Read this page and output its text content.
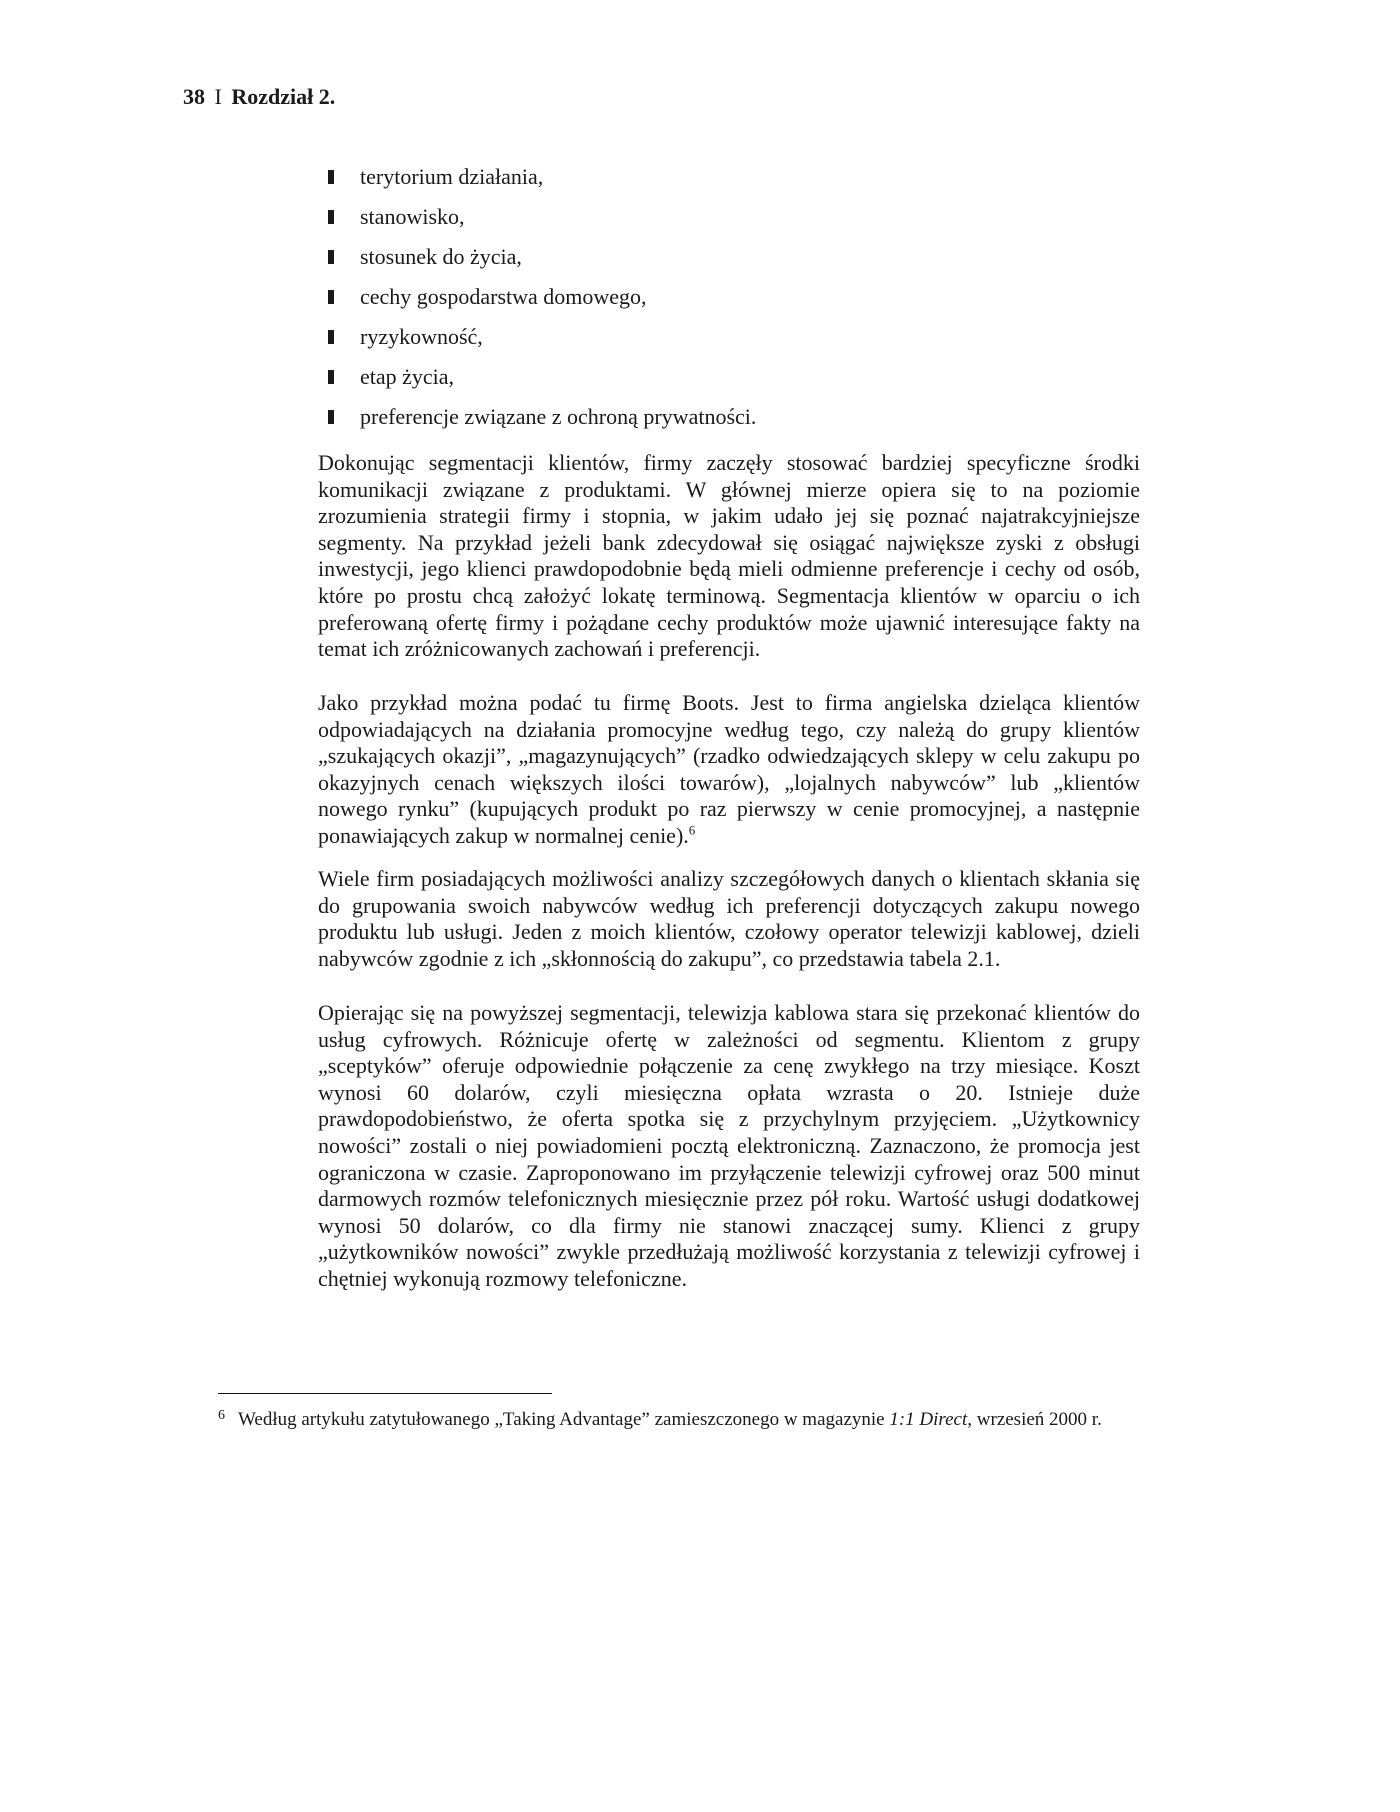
38 I Rozdział 2.
terytorium działania,
stanowisko,
stosunek do życia,
cechy gospodarstwa domowego,
ryzykowność,
etap życia,
preferencje związane z ochroną prywatności.

Dokonując segmentacji klientów, firmy zaczęły stosować bardziej specyficzne środki komunikacji związane z produktami. W głównej mierze opiera się to na poziomie zrozumienia strategii firmy i stopnia, w jakim udało jej się poznać najatrakcyjniejsze segmenty. Na przykład jeżeli bank zdecydował się osiągać największe zyski z obsługi inwestycji, jego klienci prawdopodobnie będą mieli odmienne preferencje i cechy od osób, które po prostu chcą założyć lokatę terminową. Segmentacja klientów w oparciu o ich preferowaną ofertę firmy i pożądane cechy produktów może ujawnić interesujące fakty na temat ich zróżnicowanych zachowań i preferencji.

Jako przykład można podać tu firmę Boots. Jest to firma angielska dzieląca klientów odpowiadających na działania promocyjne według tego, czy należą do grupy klientów „szukających okazji”, „magazynujących” (rzadko odwiedzających sklepy w celu zakupu po okazyjnych cenach większych ilości towarów), „lojalnych nabywców” lub „klientów nowego rynku” (kupujących produkt po raz pierwszy w cenie promocyjnej, a następnie ponawiających zakup w normalnej cenie).$^6$

Wiele firm posiadających możliwości analizy szczegółowych danych o klientach skłania się do grupowania swoich nabywców według ich preferencji dotyczących zakupu nowego produktu lub usługi. Jeden z moich klientów, czołowy operator telewizji kablowej, dzieli nabywców zgodnie z ich „skłonnością do zakupu”, co przedstawia tabela 2.1.

Opierając się na powyższej segmentacji, telewizja kablowa stara się przekonać klientów do usług cyfrowych. Różnicuje ofertę w zależności od segmentu. Klientom z grupy „sceptyków” oferuje odpowiednie połączenie za cenę zwykłego na trzy miesiące. Koszt wynosi 60 dolarów, czyli miesięczna opłata wzrasta o 20. Istnieje duże prawdopodobieństwo, że oferta spotka się z przychylnym przyjęciem. „Użytkownicy nowości” zostali o niej powiadomieni pocztą elektroniczną. Zaznaczono, że promocja jest ograniczona w czasie. Zaproponowano im przyłączenie telewizji cyfrowej oraz 500 minut darmowych rozmów telefonicznych miesięcznie przez pół roku. Wartość usługi dodatkowej wynosi 50 dolarów, co dla firmy nie stanowi znaczącej sumy. Klienci z grupy „użytkowników nowości” zwykle przedłużają możliwość korzystania z telewizji cyfrowej i chętniej wykonują rozmowy telefoniczne.

6 Według artykułu zatytułowanego „Taking Advantage” zamieszczonego w magazynie 1:1 Direct, wrzesień 2000 r.
